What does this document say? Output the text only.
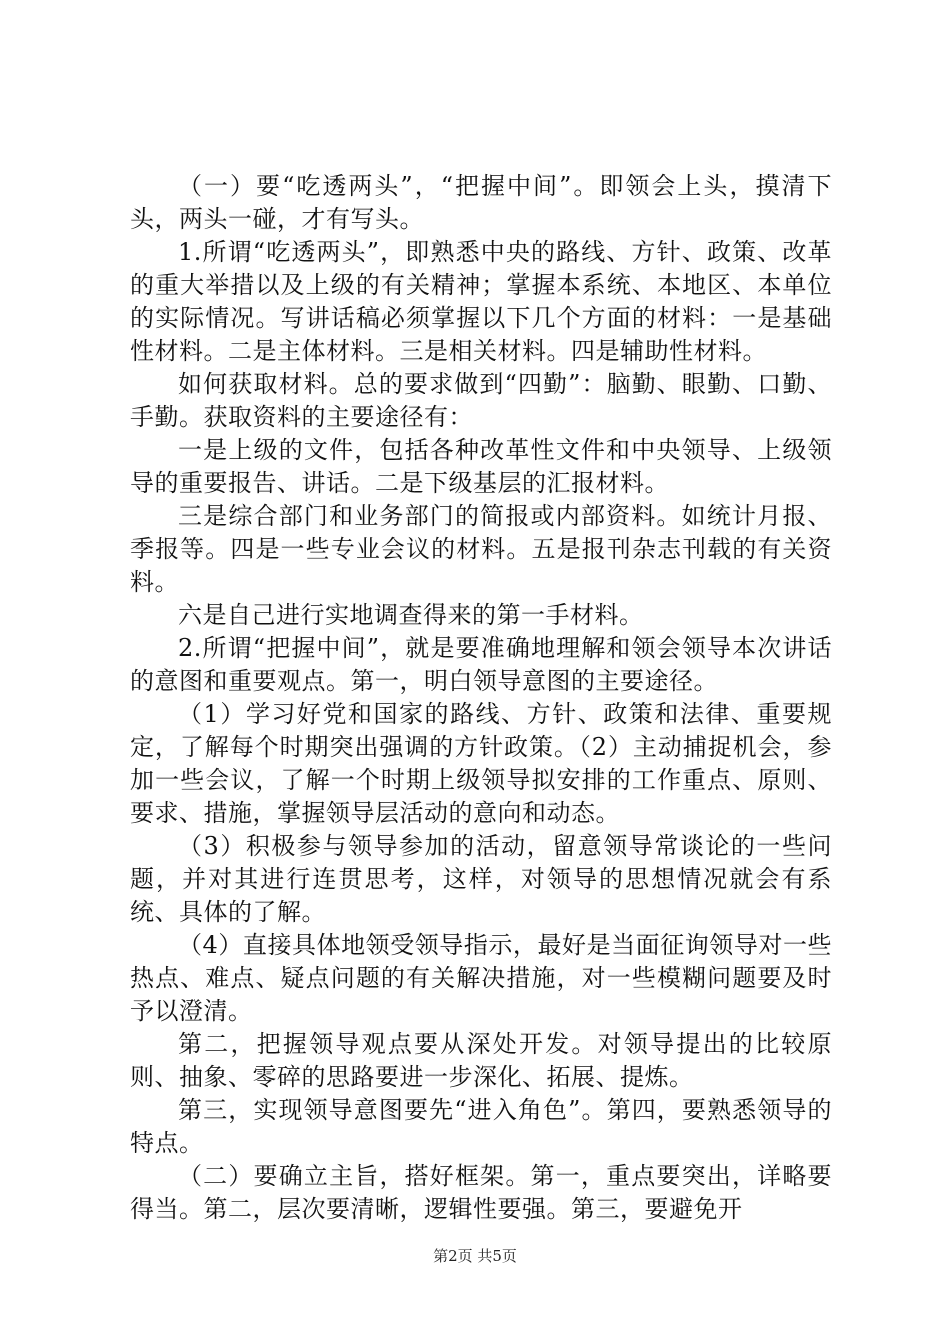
（一）要“吃透两头”，“把握中间”。即领会上头，摸清下头，两头一碰，才有写头。

1.所谓“吃透两头”，即熟悉中央的路线、方针、政策、改革的重大举措以及上级的有关精神；掌握本系统、本地区、本单位的实际情况。写讲话稿必须掌握以下几个方面的材料：一是基础性材料。二是主体材料。三是相关材料。四是辅助性材料。

如何获取材料。总的要求做到“四勤”：脑勤、眼勤、口勤、手勤。获取资料的主要途径有：

一是上级的文件，包括各种改革性文件和中央领导、上级领导的重要报告、讲话。二是下级基层的汇报材料。

三是综合部门和业务部门的简报或内部资料。如统计月报、季报等。四是一些专业会议的材料。五是报刊杂志刊载的有关资料。

六是自己进行实地调查得来的第一手材料。

2.所谓“把握中间”，就是要准确地理解和领会领导本次讲话的意图和重要观点。第一，明白领导意图的主要途径。

（1）学习好党和国家的路线、方针、政策和法律、重要规定，了解每个时期突出强调的方针政策。（2）主动捕捉机会，参加一些会议，了解一个时期上级领导拟安排的工作重点、原则、要求、措施，掌握领导层活动的意向和动态。

（3）积极参与领导参加的活动，留意领导常谈论的一些问题，并对其进行连贯思考，这样，对领导的思想情况就会有系统、具体的了解。

（4）直接具体地领受领导指示，最好是当面征询领导对一些热点、难点、疑点问题的有关解决措施，对一些模糊问题要及时予以澄清。

第二，把握领导观点要从深处开发。对领导提出的比较原则、抽象、零碎的思路要进一步深化、拓展、提炼。

第三，实现领导意图要先“进入角色”。第四，要熟悉领导的特点。

（二）要确立主旨，搭好框架。第一，重点要突出，详略要得当。第二，层次要清晰，逻辑性要强。第三，要避免开

第2页 共5页
